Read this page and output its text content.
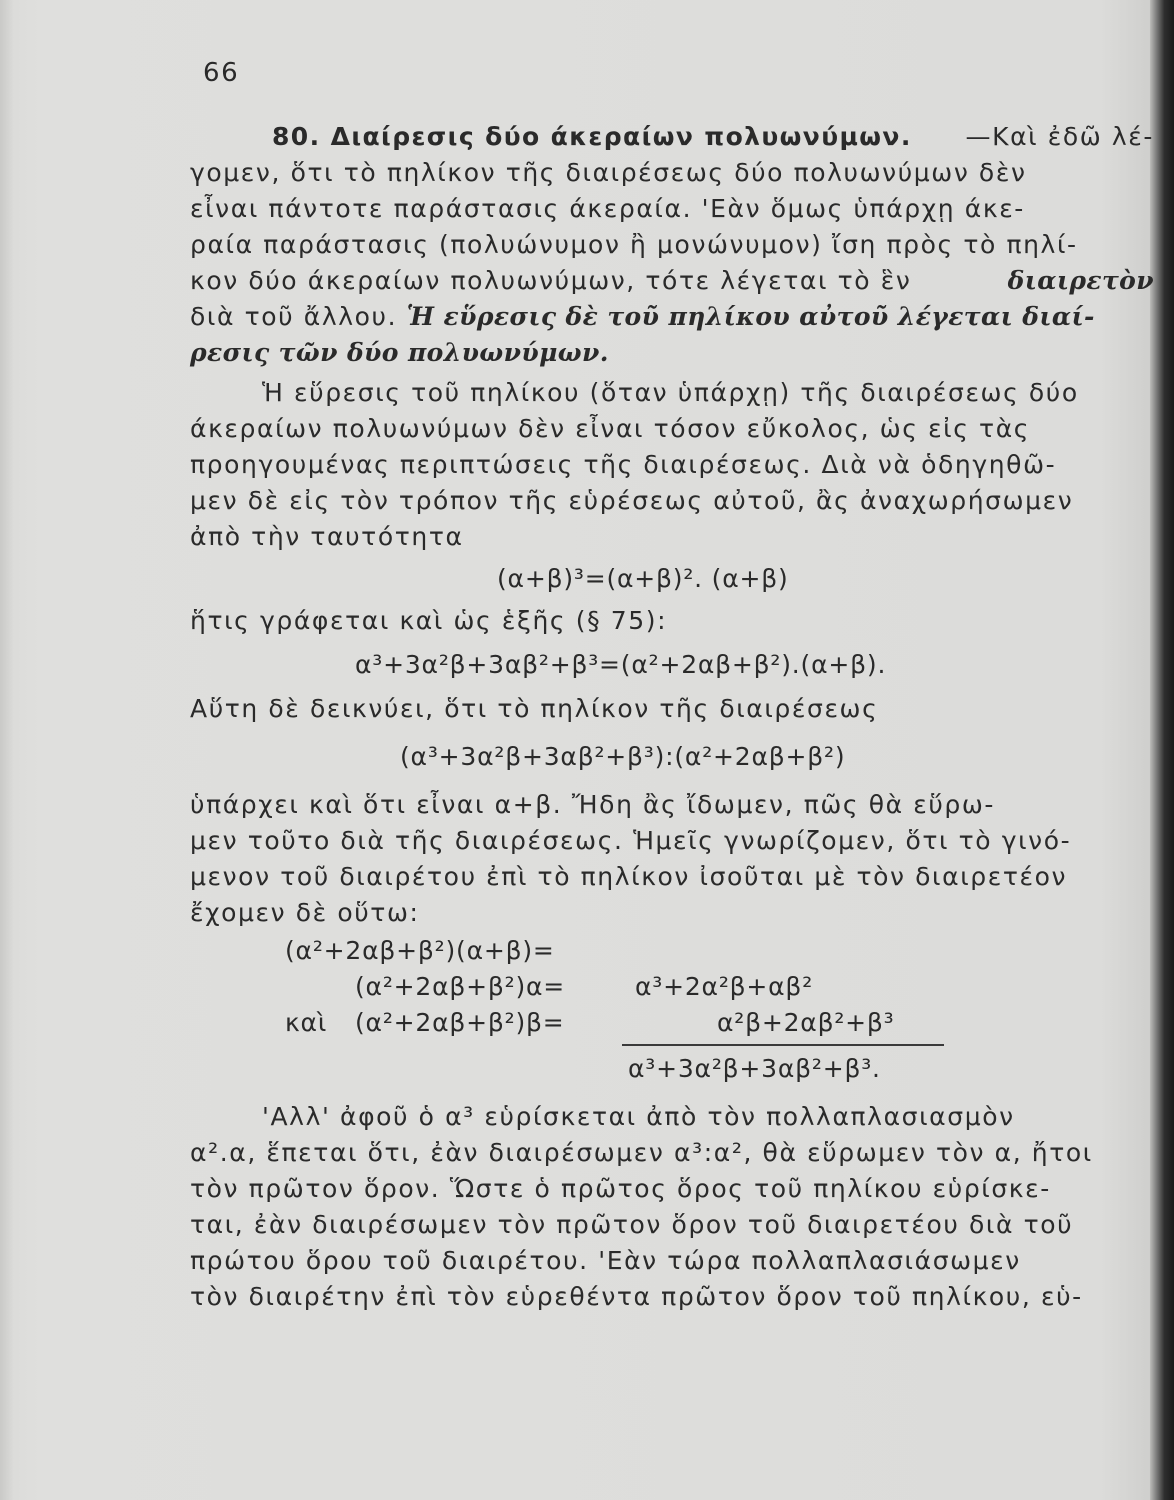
66
80. Διαίρεσις δύο άκεραίων πολυωνύμων. —Καὶ ἐδῶ λέ-
γομεν, ὅτι τὸ πηλίκον τῆς διαιρέσεως δύο πολυωνύμων δὲν
εἶναι πάντοτε παράστασις άκεραία. 'Εὰν ὅμως ὑπάρχῃ άκε-
ραία παράστασις (πολυώνυμον ἢ μονώνυμον) ἴση πρὸς τὸ πηλί-
κον δύο άκεραίων πολυωνύμων, τότε λέγεται τὸ ἓν	διαιρετὸν
διὰ τοῦ ἄλλου. Ἡ εὕρεσις δὲ τοῦ πηλίκου αὐτοῦ λέγεται διαί-
ρεσις τῶν δύο πολυωνύμων.
Ἡ εὕρεσις τοῦ πηλίκου (ὅταν ὑπάρχῃ) τῆς διαιρέσεως δύο
άκεραίων πολυωνύμων δὲν εἶναι τόσον εὔκολος, ὡς εἰς τὰς
προηγουμένας περιπτώσεις τῆς διαιρέσεως. Διὰ νὰ ὁδηγηθῶ-
μεν δὲ εἰς τὸν τρόπον τῆς εὑρέσεως αὐτοῦ, ἂς ἀναχωρήσωμεν
ἀπὸ τὴν ταυτότητα
(α+β)³=(α+β)². (α+β)
ἥτις γράφεται καὶ ὡς ἑξῆς (§ 75):
α³+3α²β+3αβ²+β³=(α²+2αβ+β²).(α+β).
Αὕτη δὲ δεικνύει, ὅτι τὸ πηλίκον τῆς διαιρέσεως
(α³+3α²β+3αβ²+β³):(α²+2αβ+β²)
ὑπάρχει καὶ ὅτι εἶναι α+β. Ἤδη ἂς ἴδωμεν, πῶς θὰ εὕρω-
μεν τοῦτο διὰ τῆς διαιρέσεως. Ἡμεῖς γνωρίζομεν, ὅτι τὸ γινό-
μενον τοῦ διαιρέτου ἐπὶ τὸ πηλίκον ἰσοῦται μὲ τὸν διαιρετέον
ἔχομεν δὲ οὕτω:
(α²+2αβ+β²)(α+β)=
(α²+2αβ+β²)α=	α³+2α²β+αβ²
καὶ (α²+2αβ+β²)β=	α²β+2αβ²+β³
α³+3α²β+3αβ²+β³.
'Αλλ' ἀφοῦ ὁ α³ εὑρίσκεται ἀπὸ τὸν πολλαπλασιασμὸν
α².α, ἕπεται ὅτι, ἐὰν διαιρέσωμεν α³:α², θὰ εὕρωμεν τὸν α, ἤτοι
τὸν πρῶτον ὅρον. Ὥστε ὁ πρῶτος ὅρος τοῦ πηλίκου εὑρίσκε-
ται, ἐὰν διαιρέσωμεν τὸν πρῶτον ὅρον τοῦ διαιρετέου διὰ τοῦ
πρώτου ὅρου τοῦ διαιρέτου. 'Εὰν τώρα πολλαπλασιάσωμεν
τὸν διαιρέτην ἐπὶ τὸν εὑρεθέντα πρῶτον ὅρον τοῦ πηλίκου, εὑ-
